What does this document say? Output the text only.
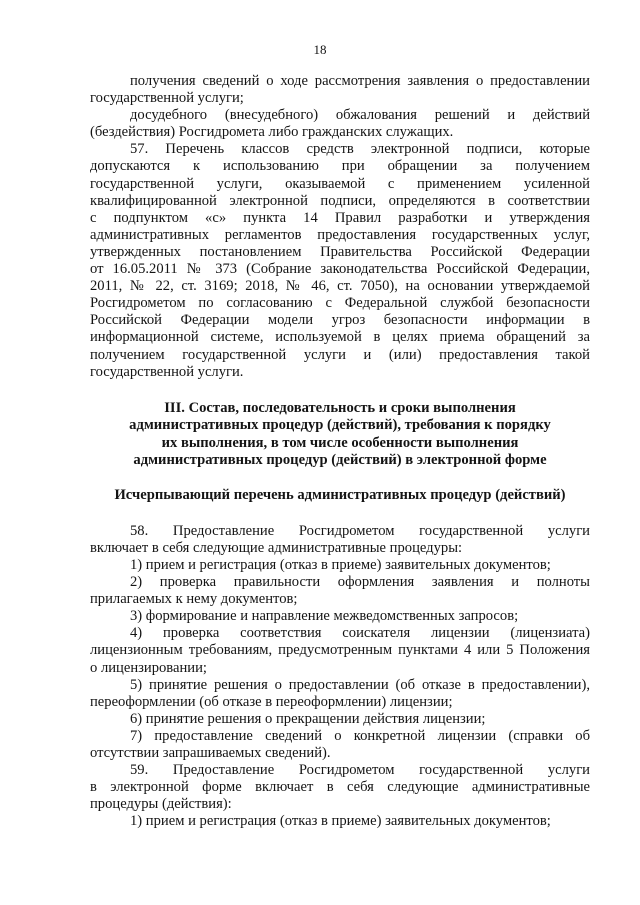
18

получения сведений о ходе рассмотрения заявления о предоставлении

государственной услуги;

досудебного (внесудебного) обжалования решений и действий

(бездействия) Росгидромета либо гражданских служащих.

57. Перечень классов средств электронной подписи, которые

допускаются к использованию при обращении за получением

государственной услуги, оказываемой с применением усиленной

квалифицированной электронной подписи, определяются в соответствии

с подпунктом «с» пункта 14 Правил разработки и утверждения

административных регламентов предоставления государственных услуг,

утвержденных постановлением Правительства Российской Федерации

от 16.05.2011 № 373 (Собрание законодательства Российской Федерации,

2011, № 22, ст. 3169; 2018, № 46, ст. 7050), на основании утверждаемой

Росгидрометом по согласованию с Федеральной службой безопасности

Российской Федерации модели угроз безопасности информации в

информационной системе, используемой в целях приема обращений за

получением государственной услуги и (или) предоставления такой

государственной услуги.

III. Состав, последовательность и сроки выполнения
административных процедур (действий), требования к порядку
их выполнения, в том числе особенности выполнения
административных процедур (действий) в электронной форме
Исчерпывающий перечень административных процедур (действий)

58. Предоставление Росгидрометом государственной услуги

включает в себя следующие административные процедуры:

1) прием и регистрация (отказ в приеме) заявительных документов;

2) проверка правильности оформления заявления и полноты

прилагаемых к нему документов;

3) формирование и направление межведомственных запросов;

4) проверка соответствия соискателя лицензии (лицензиата)

лицензионным требованиям, предусмотренным пунктами 4 или 5 Положения

о лицензировании;

5) принятие решения о предоставлении (об отказе в предоставлении),

переоформлении (об отказе в переоформлении) лицензии;

6) принятие решения о прекращении действия лицензии;

7) предоставление сведений о конкретной лицензии (справки об

отсутствии запрашиваемых сведений).

59. Предоставление Росгидрометом государственной услуги

в электронной форме включает в себя следующие административные

процедуры (действия):

1) прием и регистрация (отказ в приеме) заявительных документов;
